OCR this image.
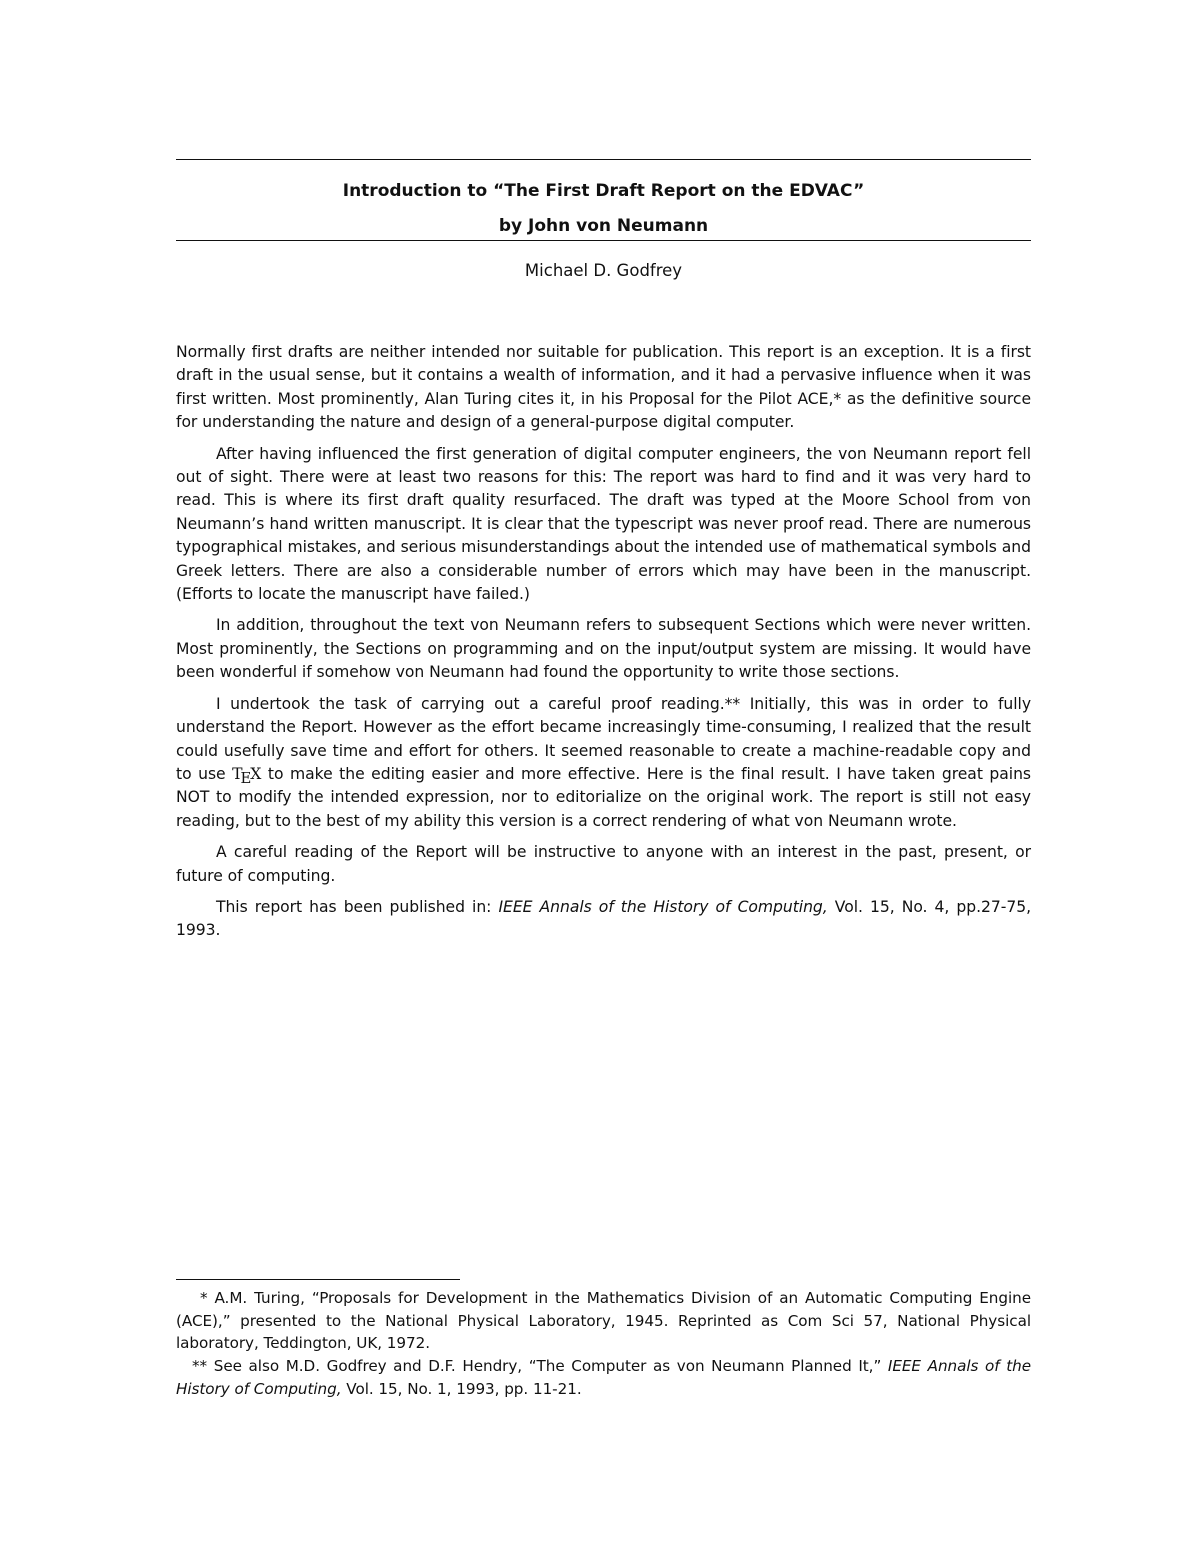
Introduction to “The First Draft Report on the EDVAC”
by John von Neumann
Michael D. Godfrey

Normally first drafts are neither intended nor suitable for publication. This report is an exception. It is a first draft in the usual sense, but it contains a wealth of information, and it had a pervasive influence when it was first written. Most prominently, Alan Turing cites it, in his Proposal for the Pilot ACE,* as the definitive source for understanding the nature and design of a general-purpose digital computer.

After having influenced the first generation of digital computer engineers, the von Neumann report fell out of sight. There were at least two reasons for this: The report was hard to find and it was very hard to read. This is where its first draft quality resurfaced. The draft was typed at the Moore School from von Neumann’s hand written manuscript. It is clear that the typescript was never proof read. There are numerous typographical mistakes, and serious misunderstandings about the intended use of mathematical symbols and Greek letters. There are also a considerable number of errors which may have been in the manuscript. (Efforts to locate the manuscript have failed.)

In addition, throughout the text von Neumann refers to subsequent Sections which were never written. Most prominently, the Sections on programming and on the input/output system are missing. It would have been wonderful if somehow von Neumann had found the opportunity to write those sections.

I undertook the task of carrying out a careful proof reading.** Initially, this was in order to fully understand the Report. However as the effort became increasingly time-consuming, I realized that the result could usefully save time and effort for others. It seemed reasonable to create a machine-readable copy and to use TEX to make the editing easier and more effective. Here is the final result. I have taken great pains NOT to modify the intended expression, nor to editorialize on the original work. The report is still not easy reading, but to the best of my ability this version is a correct rendering of what von Neumann wrote.

A careful reading of the Report will be instructive to anyone with an interest in the past, present, or future of computing.

This report has been published in: IEEE Annals of the History of Computing, Vol. 15, No. 4, pp.27-75, 1993.

* A.M. Turing, “Proposals for Development in the Mathematics Division of an Automatic Computing Engine (ACE),” presented to the National Physical Laboratory, 1945. Reprinted as Com Sci 57, National Physical laboratory, Teddington, UK, 1972.

** See also M.D. Godfrey and D.F. Hendry, “The Computer as von Neumann Planned It,” IEEE Annals of the History of Computing, Vol. 15, No. 1, 1993, pp. 11-21.
